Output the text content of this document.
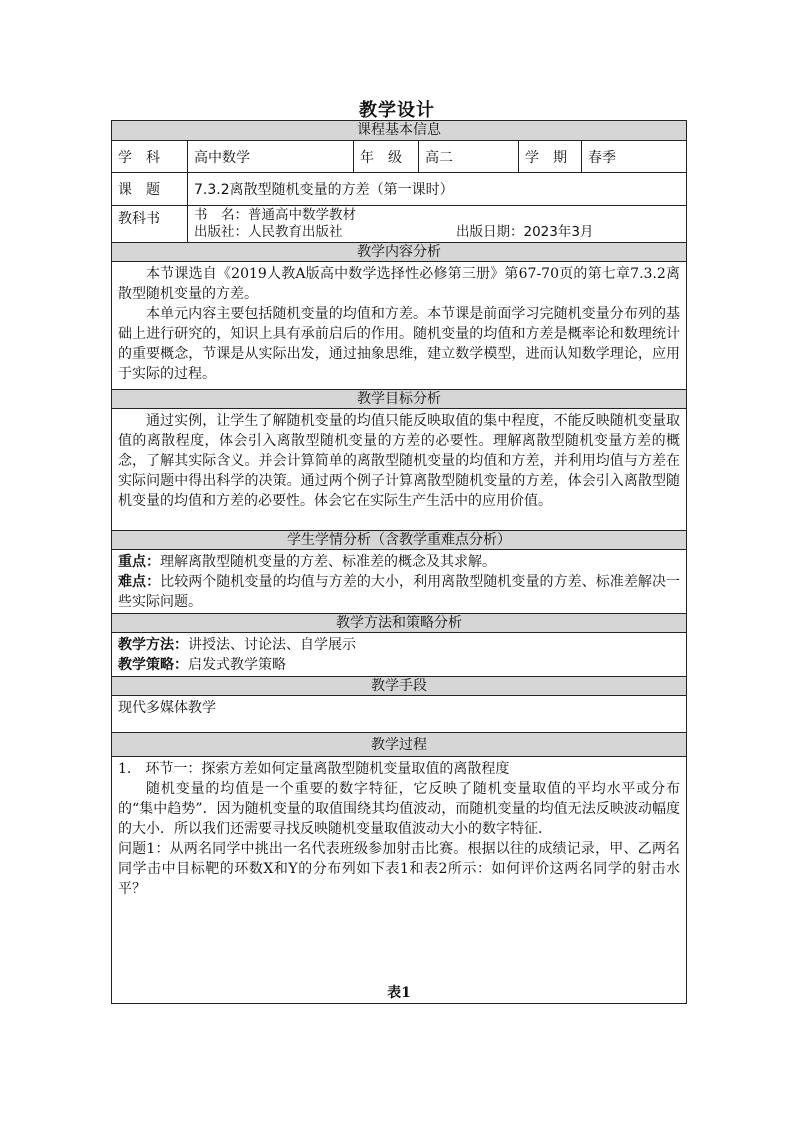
教学设计
课程基本信息
学　科	高中数学	年　级	高二	学　期	春季
课　题	7.3.2离散型随机变量的方差（第一课时）
教科书	书　名：普通高中数学教材
出版社：人民教育出版社	出版日期：2023年3月
教学内容分析

本节课选自《2019人教A版高中数学选择性必修第三册》第67-70页的第七章7.3.2离散型随机变量的方差。

本单元内容主要包括随机变量的均值和方差。本节课是前面学习完随机变量分布列的基础上进行研究的，知识上具有承前启后的作用。随机变量的均值和方差是概率论和数理统计的重要概念，节课是从实际出发，通过抽象思维，建立数学模型，进而认知数学理论，应用于实际的过程。

教学目标分析

通过实例，让学生了解随机变量的均值只能反映取值的集中程度，不能反映随机变量取值的离散程度，体会引入离散型随机变量的方差的必要性。理解离散型随机变量方差的概念，了解其实际含义。并会计算简单的离散型随机变量的均值和方差，并利用均值与方差在实际问题中得出科学的决策。通过两个例子计算离散型随机变量的方差，体会引入离散型随机变量的均值和方差的必要性。体会它在实际生产生活中的应用价值。

学生学情分析（含教学重难点分析）

重点：理解离散型随机变量的方差、标准差的概念及其求解。

难点：比较两个随机变量的均值与方差的大小，利用离散型随机变量的方差、标准差解决一些实际问题。

教学方法和策略分析

教学方法：讲授法、讨论法、自学展示

教学策略：启发式教学策略

教学手段

现代多媒体教学

教学过程

1.　环节一：探索方差如何定量离散型随机变量取值的离散程度

随机变量的均值是一个重要的数字特征，它反映了随机变量取值的平均水平或分布的“集中趋势”．因为随机变量的取值围绕其均值波动，而随机变量的均值无法反映波动幅度的大小．所以我们还需要寻找反映随机变量取值波动大小的数字特征．

问题1：从两名同学中挑出一名代表班级参加射击比赛。根据以往的成绩记录，甲、乙两名同学击中目标靶的环数X和Y的分布列如下表1和表2所示：如何评价这两名同学的射击水平？

表1
